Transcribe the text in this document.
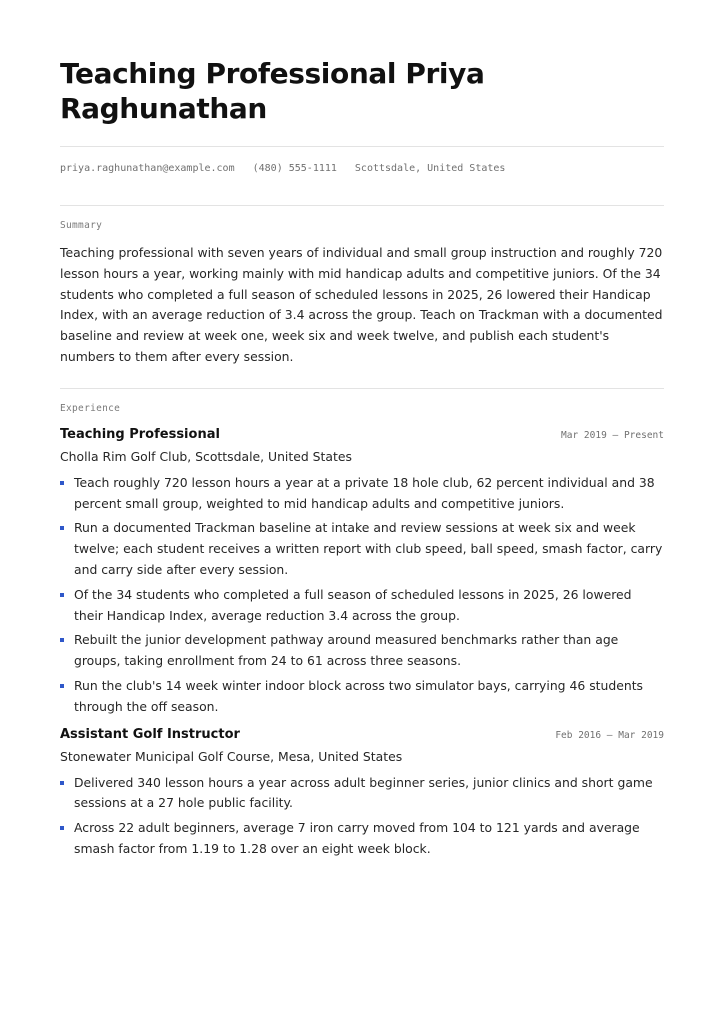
Teaching Professional Priya Raghunathan
priya.raghunathan@example.com (480) 555-1111 Scottsdale, United States
Summary

Teaching professional with seven years of individual and small group instruction and roughly 720 lesson hours a year, working mainly with mid handicap adults and competitive juniors. Of the 34 students who completed a full season of scheduled lessons in 2025, 26 lowered their Handicap Index, with an average reduction of 3.4 across the group. Teach on Trackman with a documented baseline and review at week one, week six and week twelve, and publish each student's numbers to them after every session.

Experience
Teaching Professional	Mar 2019 — Present
Cholla Rim Golf Club, Scottsdale, United States
Teach roughly 720 lesson hours a year at a private 18 hole club, 62 percent individual and 38 percent small group, weighted to mid handicap adults and competitive juniors.
Run a documented Trackman baseline at intake and review sessions at week six and week twelve; each student receives a written report with club speed, ball speed, smash factor, carry and carry side after every session.
Of the 34 students who completed a full season of scheduled lessons in 2025, 26 lowered their Handicap Index, average reduction 3.4 across the group.
Rebuilt the junior development pathway around measured benchmarks rather than age groups, taking enrollment from 24 to 61 across three seasons.
Run the club's 14 week winter indoor block across two simulator bays, carrying 46 students through the off season.
Assistant Golf Instructor	Feb 2016 — Mar 2019
Stonewater Municipal Golf Course, Mesa, United States
Delivered 340 lesson hours a year across adult beginner series, junior clinics and short game sessions at a 27 hole public facility.
Across 22 adult beginners, average 7 iron carry moved from 104 to 121 yards and average smash factor from 1.19 to 1.28 over an eight week block.
